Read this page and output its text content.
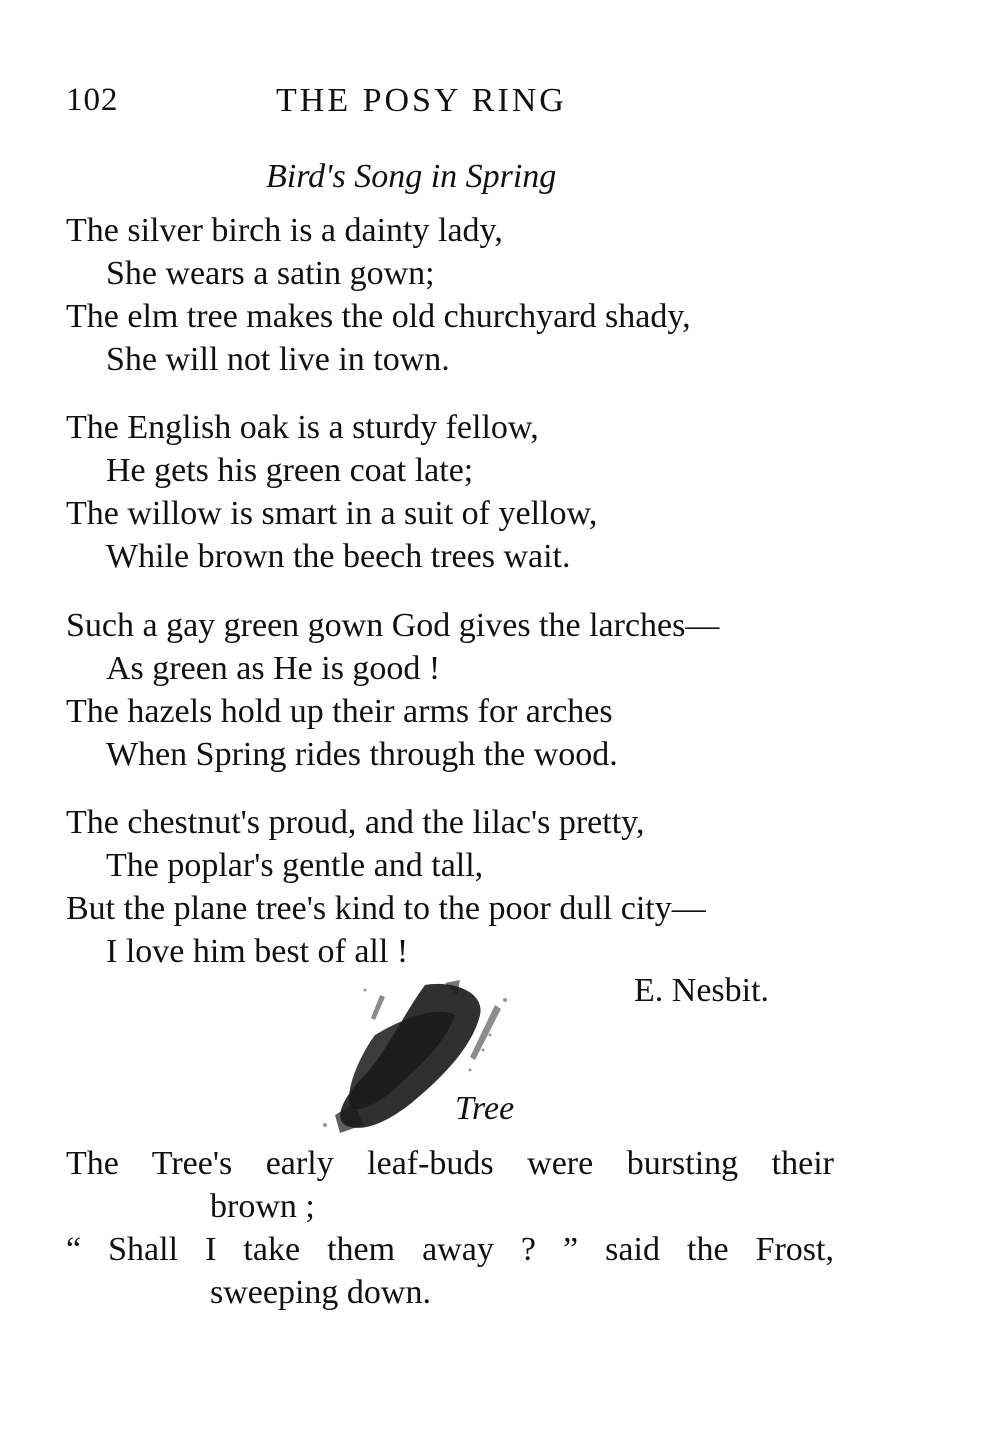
102	THE POSY RING
Bird's Song in Spring
The silver birch is a dainty lady,
She wears a satin gown;
The elm tree makes the old churchyard shady,
She will not live in town.
The English oak is a sturdy fellow,
He gets his green coat late;
The willow is smart in a suit of yellow,
While brown the beech trees wait.
Such a gay green gown God gives the larches—
As green as He is good !
The hazels hold up their arms for arches
When Spring rides through the wood.
The chestnut's proud, and the lilac's pretty,
The poplar's gentle and tall,
But the plane tree's kind to the poor dull city—
I love him best of all !
E. Nesbit.
Tree
The Tree's early leaf-buds were bursting their
brown ;
“ Shall I take them away ? ” said the Frost,
sweeping down.
